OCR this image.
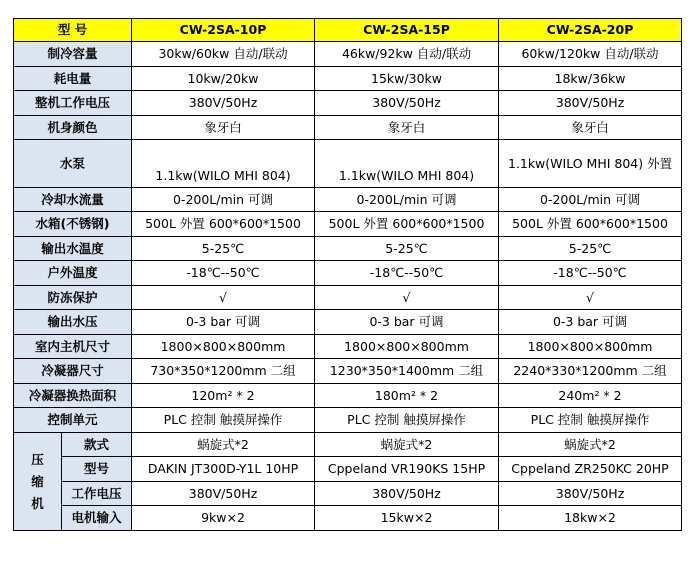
型 号		CW-2SA-10P	CW-2SA-15P	CW-2SA-20P
制冷容量		30kw/60kw 自动/联动	46kw/92kw 自动/联动	60kw/120kw 自动/联动
耗电量		10kw/20kw	15kw/30kw	18kw/36kw
整机工作电压		380V/50Hz	380V/50Hz	380V/50Hz
机身颜色		象牙白	象牙白	象牙白
水泵		1.1kw(WILO MHI 804)	1.1kw(WILO MHI 804)	1.1kw(WILO MHI 804) 外置
冷却水流量		0-200L/min 可调	0-200L/min 可调	0-200L/min 可调
水箱(不锈钢)		500L 外置 600*600*1500	500L 外置 600*600*1500	500L 外置 600*600*1500
输出水温度		5-25℃	5-25℃	5-25℃
户外温度		-18℃--50℃	-18℃--50℃	-18℃--50℃
防冻保护		√	√	√
输出水压		0-3 bar 可调	0-3 bar 可调	0-3 bar 可调
室内主机尺寸		1800×800×800mm	1800×800×800mm	1800×800×800mm
冷凝器尺寸		730*350*1200mm 二组	1230*350*1400mm 二组	2240*330*1200mm 二组
冷凝器换热面积		120m² * 2	180m² * 2	240m² * 2
控制单元		PLC 控制 触摸屏操作	PLC 控制 触摸屏操作	PLC 控制 触摸屏操作
压
缩
机	款式	蜗旋式*2	蜗旋式*2	蜗旋式*2
	型号	DAKIN JT300D-Y1L 10HP	Cppeland VR190KS 15HP	Cppeland ZR250KC 20HP
	工作电压	380V/50Hz	380V/50Hz	380V/50Hz
	电机输入	9kw×2	15kw×2	18kw×2
